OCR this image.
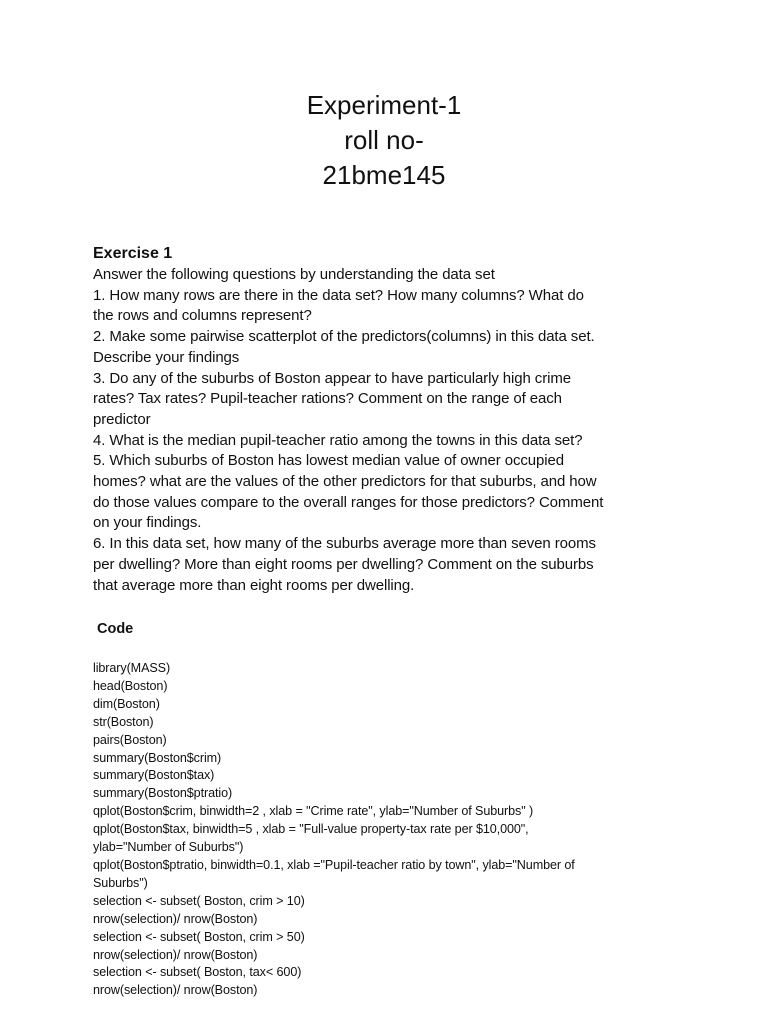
Experiment-1
roll no-
21bme145
Exercise 1
Answer the following questions by understanding the data set
1. How many rows are there in the data set? How many columns? What do
the rows and columns represent?
2. Make some pairwise scatterplot of the predictors(columns) in this data set.
Describe your findings
3. Do any of the suburbs of Boston appear to have particularly high crime
rates? Tax rates? Pupil-teacher rations? Comment on the range of each
predictor
4. What is the median pupil-teacher ratio among the towns in this data set?
5. Which suburbs of Boston has lowest median value of owner occupied
homes? what are the values of the other predictors for that suburbs, and how
do those values compare to the overall ranges for those predictors? Comment
on your findings.
6. In this data set, how many of the suburbs average more than seven rooms
per dwelling? More than eight rooms per dwelling? Comment on the suburbs
that average more than eight rooms per dwelling.
Code
library(MASS)
head(Boston)
dim(Boston)
str(Boston)
pairs(Boston)
summary(Boston$crim)
summary(Boston$tax)
summary(Boston$ptratio)
qplot(Boston$crim, binwidth=2 , xlab = "Crime rate", ylab="Number of Suburbs" )
qplot(Boston$tax, binwidth=5 , xlab = "Full-value property-tax rate per $10,000",
ylab="Number of Suburbs")
qplot(Boston$ptratio, binwidth=0.1, xlab ="Pupil-teacher ratio by town", ylab="Number of
Suburbs")
selection <- subset( Boston, crim > 10)
nrow(selection)/ nrow(Boston)
selection <- subset( Boston, crim > 50)
nrow(selection)/ nrow(Boston)
selection <- subset( Boston, tax< 600)
nrow(selection)/ nrow(Boston)
